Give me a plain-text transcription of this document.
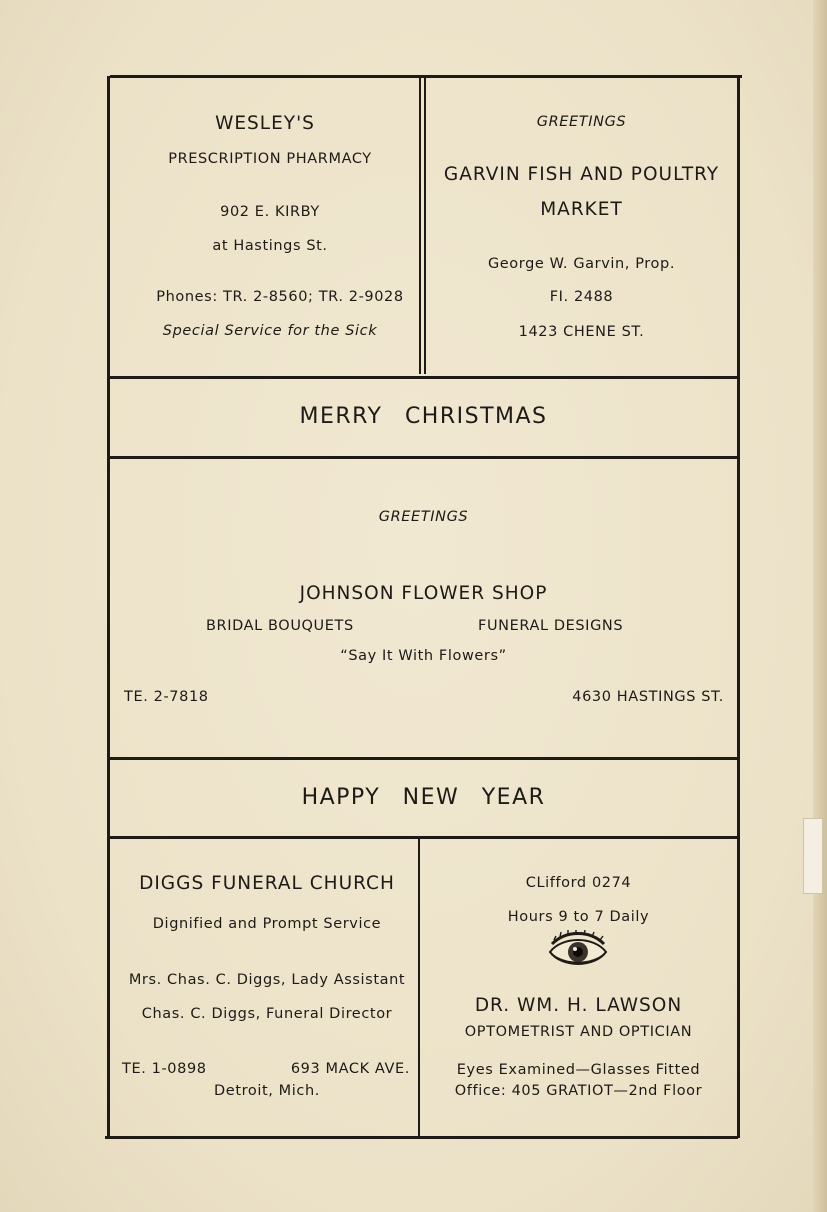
WESLEY'S
PRESCRIPTION PHARMACY
902 E. KIRBY
at Hastings St.
Phones: TR. 2-8560; TR. 2-9028
Special Service for the Sick
GREETINGS
GARVIN FISH AND POULTRY
MARKET
George W. Garvin, Prop.
FI. 2488
1423 CHENE ST.
MERRY CHRISTMAS
GREETINGS
JOHNSON FLOWER SHOP
BRIDAL BOUQUETS	FUNERAL DESIGNS
“Say It With Flowers”
TE. 2-7818	4630 HASTINGS ST.
HAPPY NEW YEAR
DIGGS FUNERAL CHURCH
Dignified and Prompt Service
Mrs. Chas. C. Diggs, Lady Assistant
Chas. C. Diggs, Funeral Director
TE. 1-0898	693 MACK AVE.
Detroit, Mich.
CLifford 0274
Hours 9 to 7 Daily
DR. WM. H. LAWSON
OPTOMETRIST AND OPTICIAN
Eyes Examined—Glasses Fitted
Office: 405 GRATIOT—2nd Floor
